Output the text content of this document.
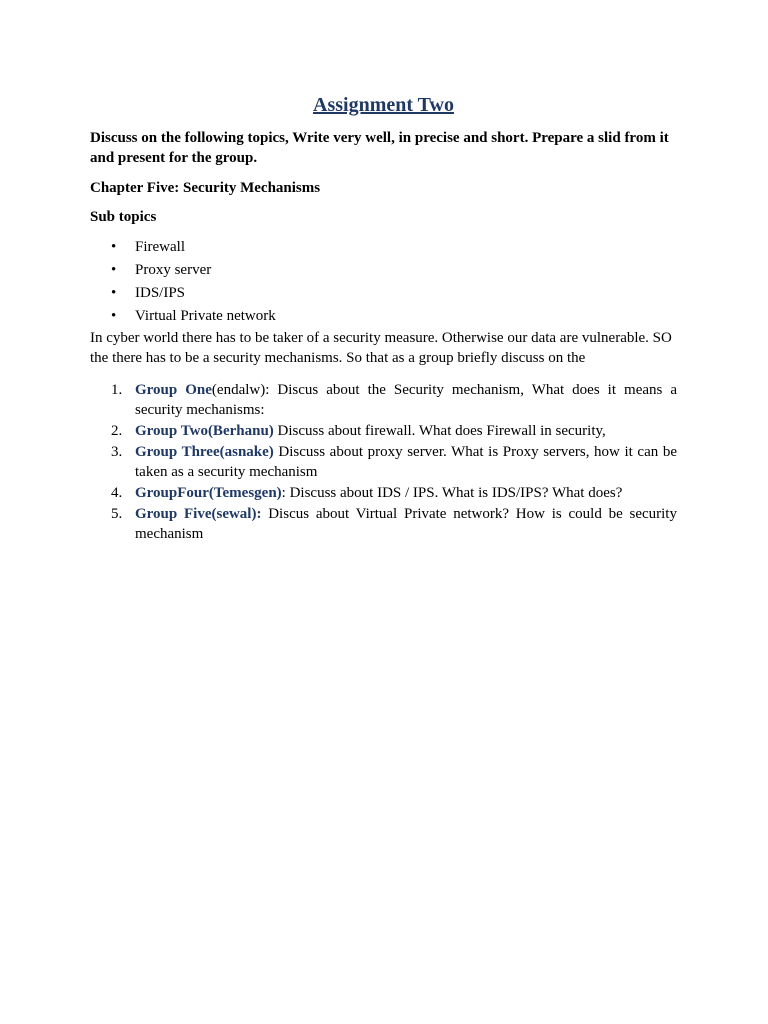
Assignment Two

Discuss on the following topics, Write very well, in precise and short. Prepare a slid from it and present for the group.

Chapter Five: Security Mechanisms

Sub topics

• Firewall
• Proxy server
• IDS/IPS
• Virtual Private network

In cyber world there has to be taker of a security measure. Otherwise our data are vulnerable. SO the there has to be a security mechanisms. So that as a group briefly discuss on the

1. Group One(endalw): Discus about the Security mechanism, What does it means a security mechanisms:
2. Group Two(Berhanu) Discuss about firewall. What does Firewall in security,
3. Group Three(asnake) Discuss about proxy server. What is Proxy servers, how it can be taken as a security mechanism
4. GroupFour(Temesgen): Discuss about IDS / IPS. What is IDS/IPS? What does?
5. Group Five(sewal): Discus about Virtual Private network? How is could be security mechanism
